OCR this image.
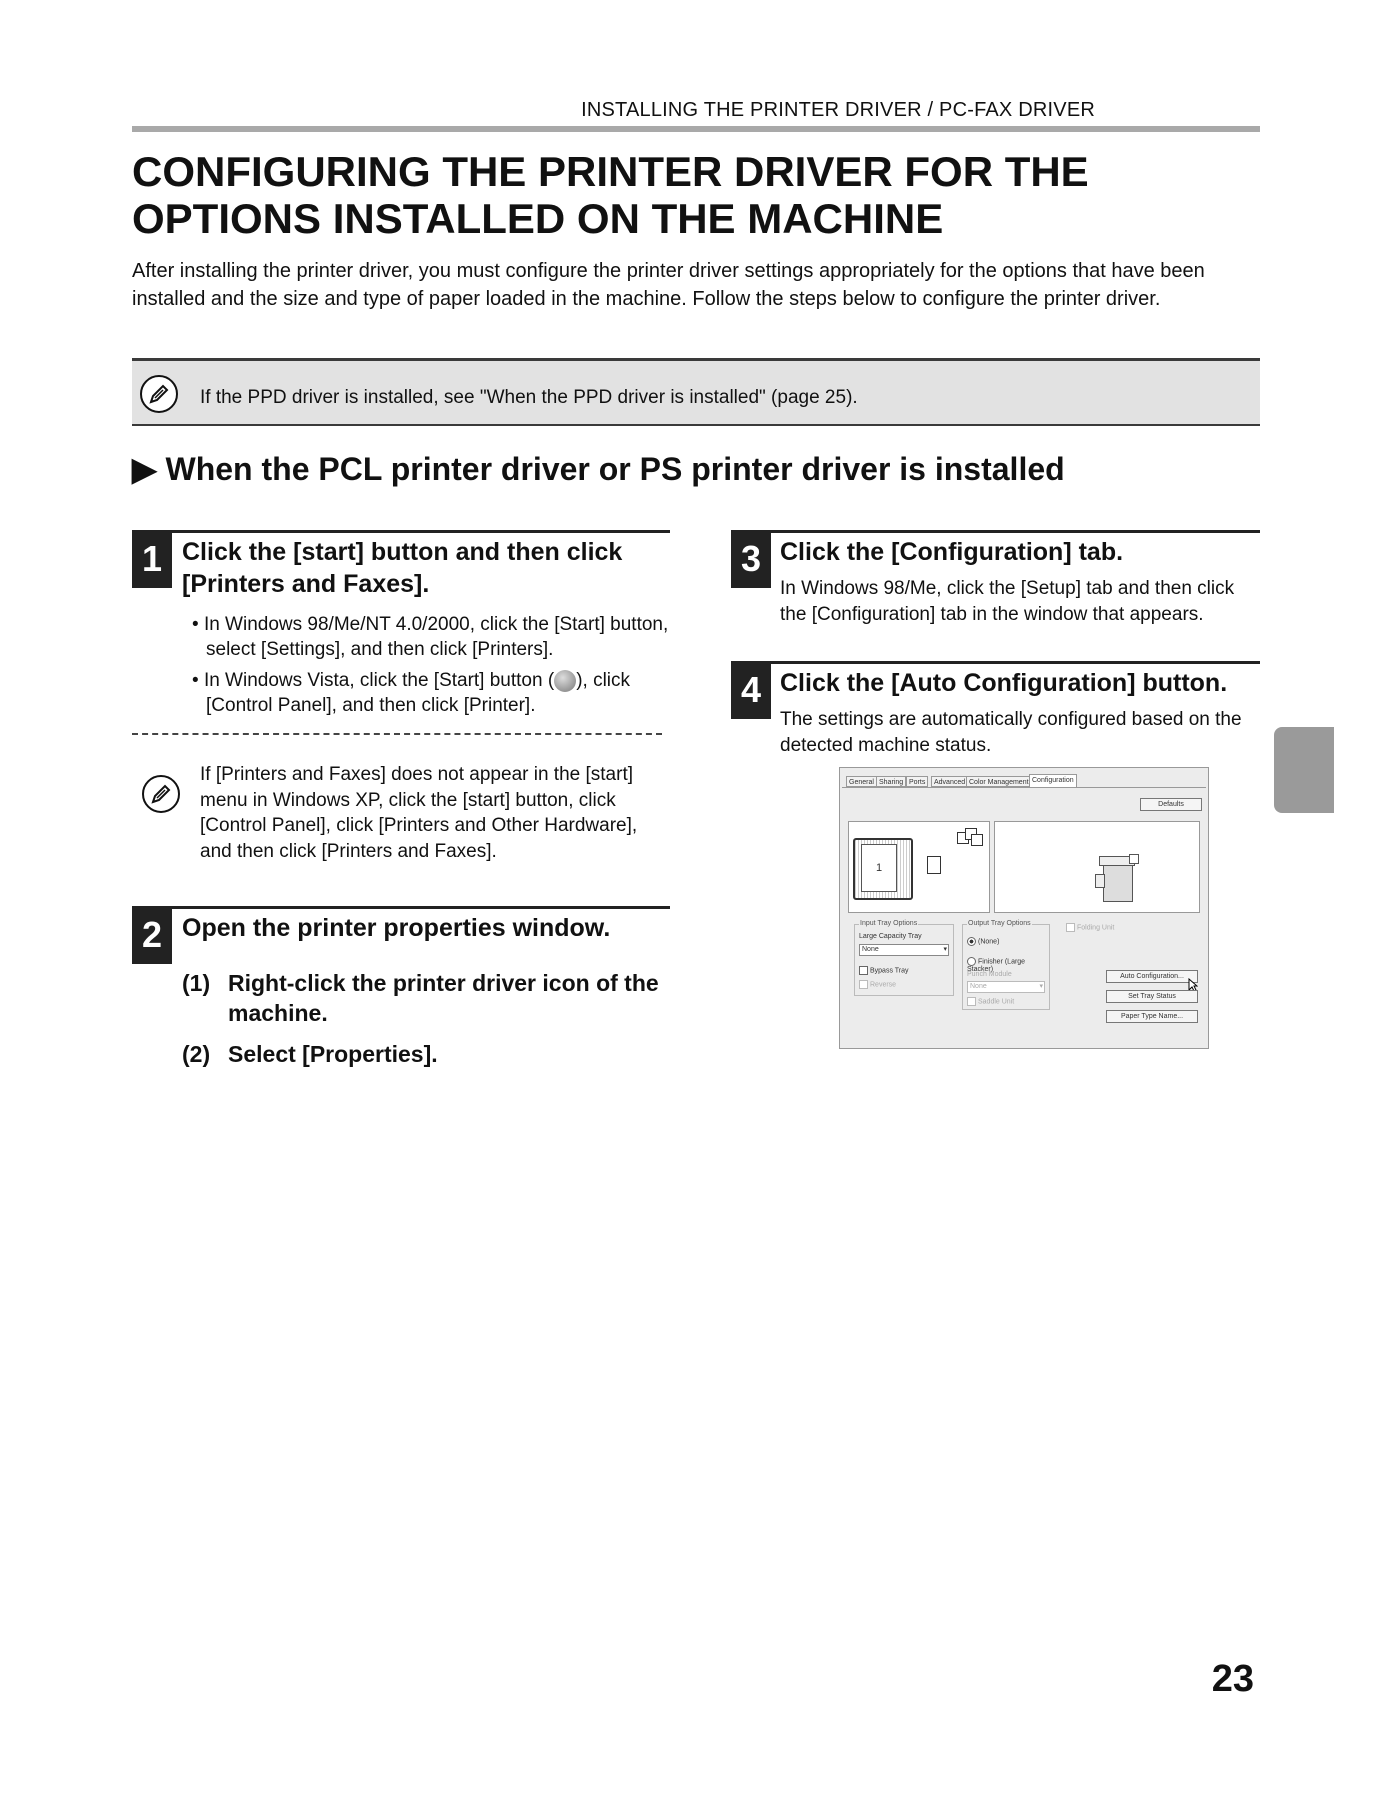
INSTALLING THE PRINTER DRIVER / PC-FAX DRIVER
CONFIGURING THE PRINTER DRIVER FOR THE
OPTIONS INSTALLED ON THE MACHINE

After installing the printer driver, you must configure the printer driver settings appropriately for the options that have been installed and the size and type of paper loaded in the machine. Follow the steps below to configure the printer driver.

If the PPD driver is installed, see "When the PPD driver is installed" (page 25).
▶ When the PCL printer driver or PS printer driver is installed
1 Click the [start] button and then click
[Printers and Faxes].
• In Windows 98/Me/NT 4.0/2000, click the [Start] button, select [Settings], and then click [Printers].
• In Windows Vista, click the [Start] button ( ), click [Control Panel], and then click [Printer].
If [Printers and Faxes] does not appear in the [start] menu in Windows XP, click the [start] button, click [Control Panel], click [Printers and Other Hardware], and then click [Printers and Faxes].
2 Open the printer properties window.
(1) Right-click the printer driver icon of the machine.
(2) Select [Properties].
3 Click the [Configuration] tab.
In Windows 98/Me, click the [Setup] tab and then click the [Configuration] tab in the window that appears.
4 Click the [Auto Configuration] button.
The settings are automatically configured based on the detected machine status.
General Sharing Ports	Advanced Color Management Configuration
Defaults
1
Input Tray Options
Large Capacity Tray
None	▾
Bypass Tray
Reverse
Output Tray Options
(None)
Finisher (Large Stacker)
Punch Module
None	▾
Saddle Unit
Folding Unit
Auto Configuration...
Set Tray Status
Paper Type Name...
23
